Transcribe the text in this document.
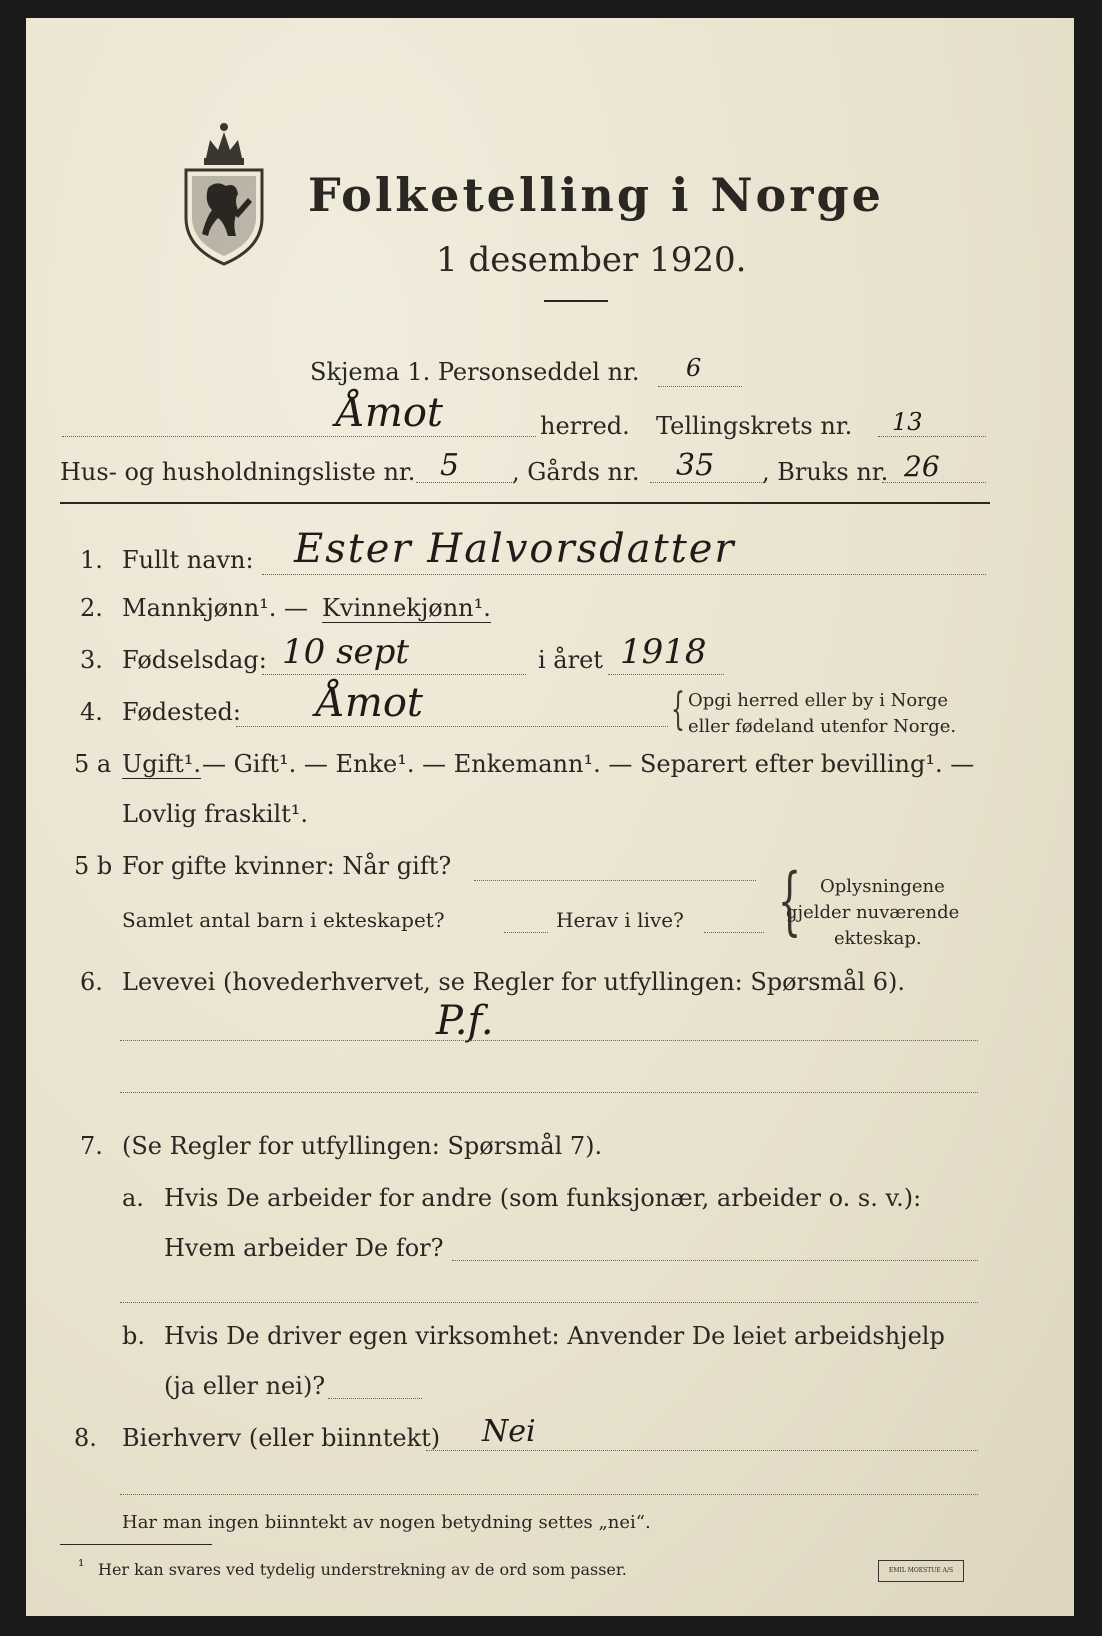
Folketelling i Norge
1 desember 1920.
Skjema 1. Personseddel nr. 6
Åmot	herred. Tellingskrets nr. 13
Hus- og husholdningsliste nr. 5 , Gårds nr. 35 , Bruks nr. 26
1. Fullt navn: Ester Halvorsdatter
2. Mannkjønn¹. — Kvinnekjønn¹.
3. Fødselsdag: 10 sept	i året 1918
4. Fødested: Åmot	{ Opgi herred eller by i Norge
eller fødeland utenfor Norge.
5 a Ugift¹. — Gift¹. — Enke¹. — Enkemann¹. — Separert efter bevilling¹. —
Lovlig fraskilt¹.
5 b For gifte kvinner: Når gift?
Samlet antal barn i ekteskapet?	Herav i live? { Oplysningene
gjelder nuværende
ekteskap.
6. Levevei (hovederhvervet, se Regler for utfyllingen: Spørsmål 6).
P.f.
7. (Se Regler for utfyllingen: Spørsmål 7).
a. Hvis De arbeider for andre (som funksjonær, arbeider o. s. v.):
Hvem arbeider De for?
b. Hvis De driver egen virksomhet: Anvender De leiet arbeidshjelp
(ja eller nei)?
8. Bierhverv (eller biinntekt) Nei
Har man ingen biinntekt av nogen betydning settes „nei“.
¹ Her kan svares ved tydelig understrekning av de ord som passer.	EMIL MOESTUE A/S
